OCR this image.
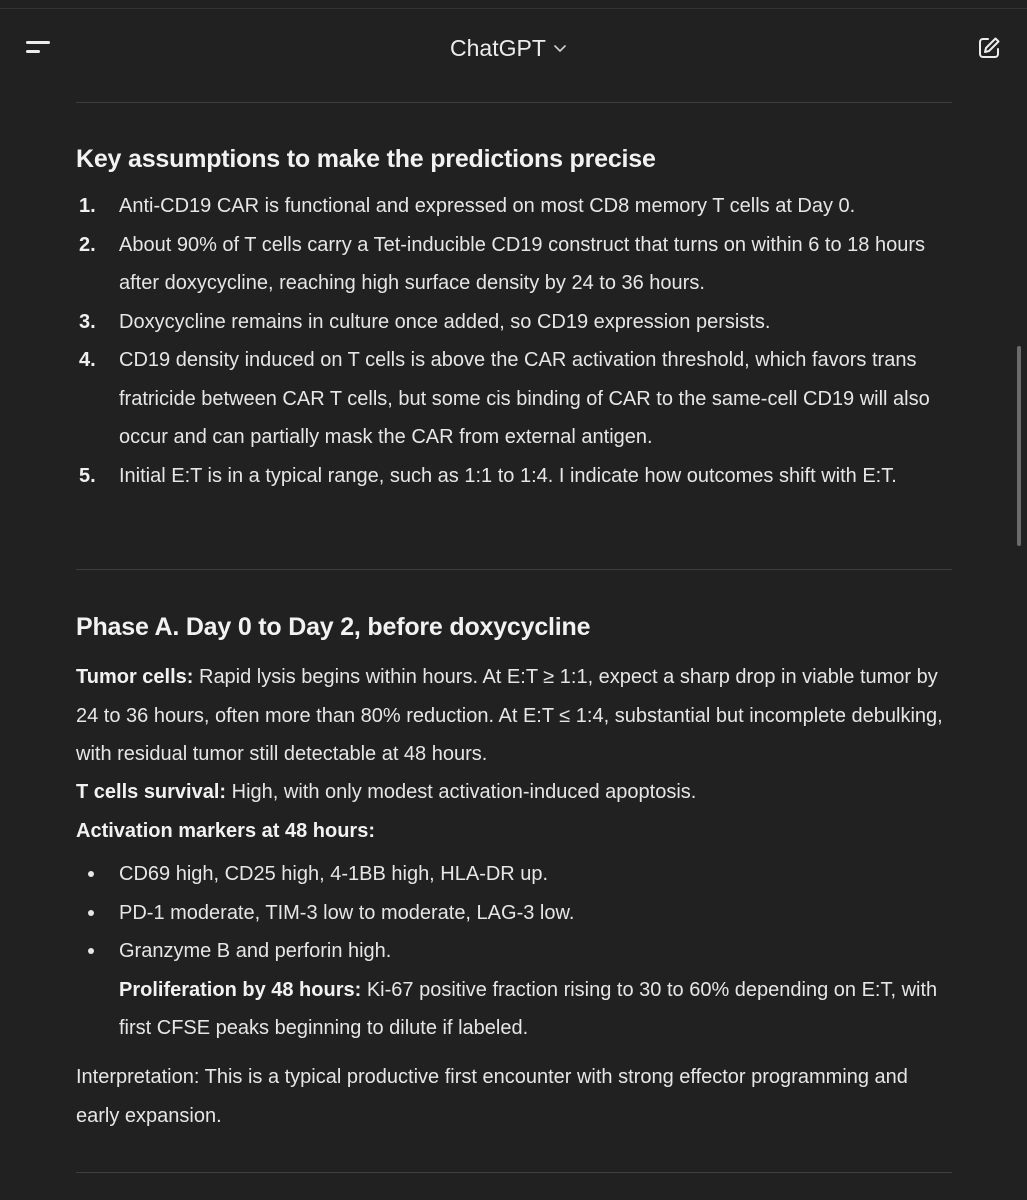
ChatGPT
Key assumptions to make the predictions precise
1. Anti-CD19 CAR is functional and expressed on most CD8 memory T cells at Day 0.
2. About 90% of T cells carry a Tet-inducible CD19 construct that turns on within 6 to 18 hours after doxycycline, reaching high surface density by 24 to 36 hours.
3. Doxycycline remains in culture once added, so CD19 expression persists.
4. CD19 density induced on T cells is above the CAR activation threshold, which favors trans fratricide between CAR T cells, but some cis binding of CAR to the same-cell CD19 will also occur and can partially mask the CAR from external antigen.
5. Initial E:T is in a typical range, such as 1:1 to 1:4. I indicate how outcomes shift with E:T.
Phase A. Day 0 to Day 2, before doxycycline
Tumor cells: Rapid lysis begins within hours. At E:T ≥ 1:1, expect a sharp drop in viable tumor by 24 to 36 hours, often more than 80% reduction. At E:T ≤ 1:4, substantial but incomplete debulking, with residual tumor still detectable at 48 hours.
T cells survival: High, with only modest activation-induced apoptosis.
Activation markers at 48 hours:
CD69 high, CD25 high, 4-1BB high, HLA-DR up.
PD-1 moderate, TIM-3 low to moderate, LAG-3 low.
Granzyme B and perforin high.
Proliferation by 48 hours: Ki-67 positive fraction rising to 30 to 60% depending on E:T, with first CFSE peaks beginning to dilute if labeled.
Interpretation: This is a typical productive first encounter with strong effector programming and early expansion.
